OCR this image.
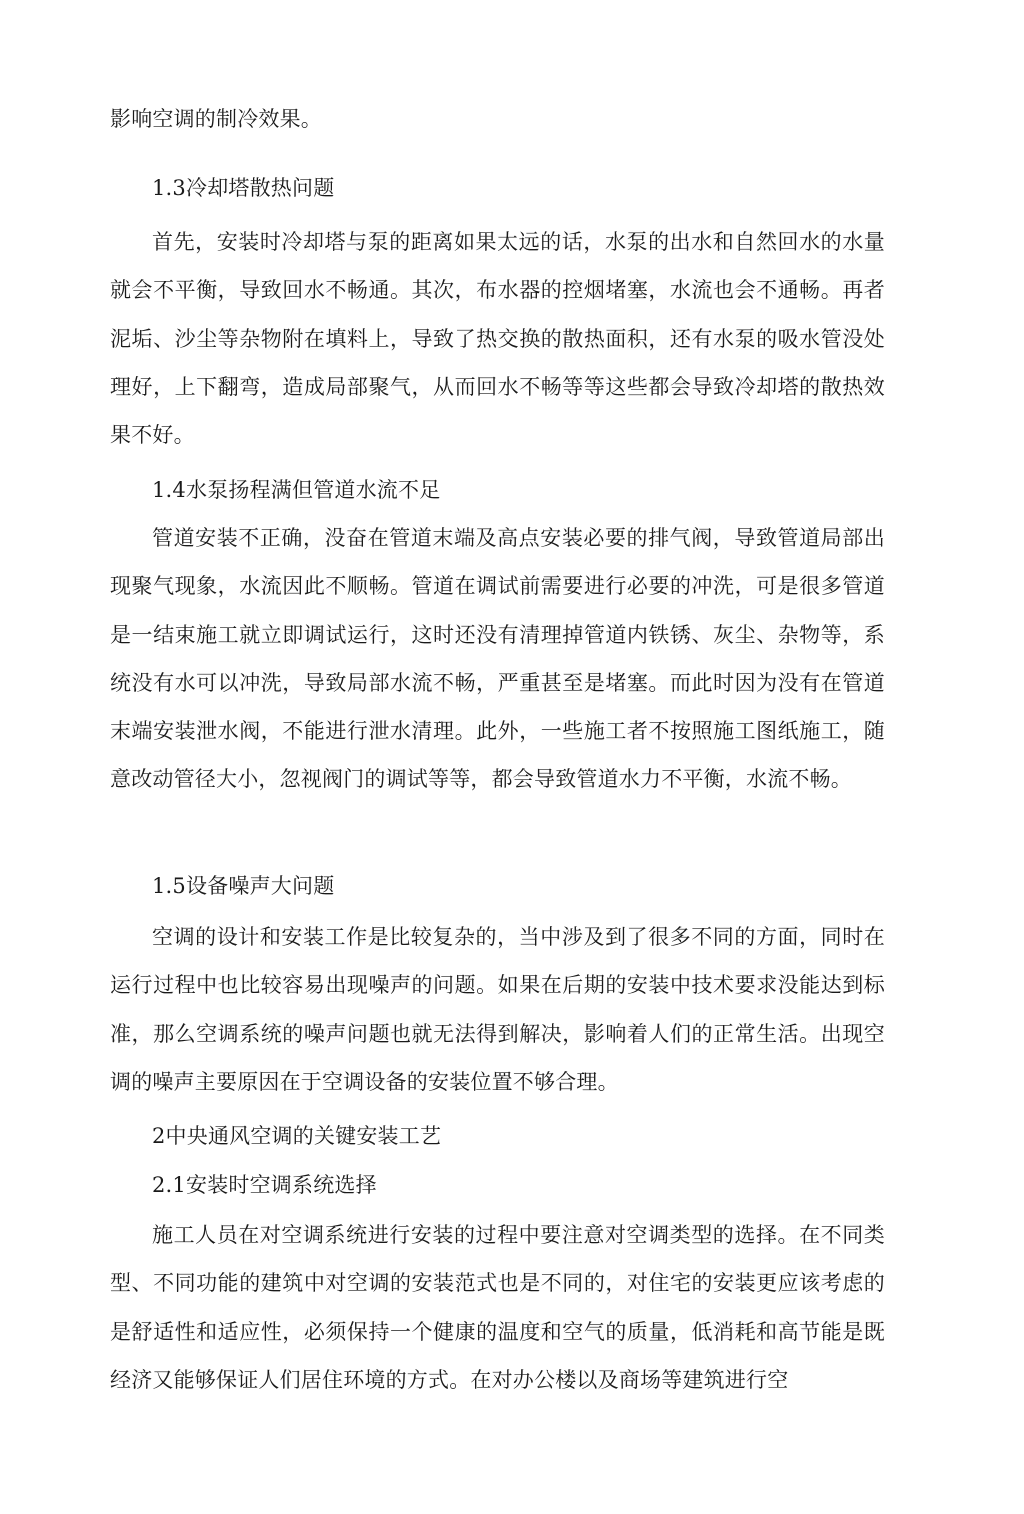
影响空调的制冷效果。

1.3冷却塔散热问题

首先，安装时冷却塔与泵的距离如果太远的话，水泵的出水和自然回水的水量就会不平衡，导致回水不畅通。其次，布水器的控烟堵塞，水流也会不通畅。再者泥垢、沙尘等杂物附在填料上，导致了热交换的散热面积，还有水泵的吸水管没处理好，上下翻弯，造成局部聚气，从而回水不畅等等这些都会导致冷却塔的散热效果不好。

1.4水泵扬程满但管道水流不足

管道安装不正确，没奋在管道末端及高点安装必要的排气阀，导致管道局部出现聚气现象，水流因此不顺畅。管道在调试前需要进行必要的冲洗，可是很多管道是一结束施工就立即调试运行，这时还没有清理掉管道内铁锈、灰尘、杂物等，系统没有水可以冲洗，导致局部水流不畅，严重甚至是堵塞。而此时因为没有在管道末端安装泄水阀，不能进行泄水清理。此外，一些施工者不按照施工图纸施工，随意改动管径大小，忽视阀门的调试等等，都会导致管道水力不平衡，水流不畅。

1.5设备噪声大问题

空调的设计和安装工作是比较复杂的，当中涉及到了很多不同的方面，同时在运行过程中也比较容易出现噪声的问题。如果在后期的安装中技术要求没能达到标准，那么空调系统的噪声问题也就无法得到解决，影响着人们的正常生活。出现空调的噪声主要原因在于空调设备的安装位置不够合理。

2中央通风空调的关键安装工艺

2.1安装时空调系统选择

施工人员在对空调系统进行安装的过程中要注意对空调类型的选择。在不同类型、不同功能的建筑中对空调的安装范式也是不同的，对住宅的安装更应该考虑的是舒适性和适应性，必须保持一个健康的温度和空气的质量，低消耗和高节能是既经济又能够保证人们居住环境的方式。在对办公楼以及商场等建筑进行空
